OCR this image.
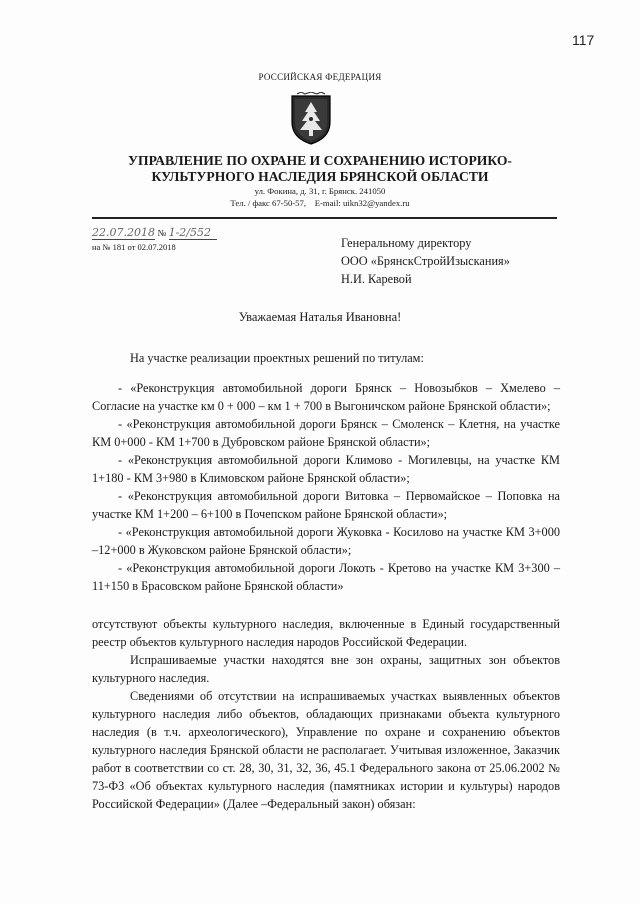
117
РОССИЙСКАЯ ФЕДЕРАЦИЯ
УПРАВЛЕНИЕ ПО ОХРАНЕ И СОХРАНЕНИЮ ИСТОРИКО-
КУЛЬТУРНОГО НАСЛЕДИЯ БРЯНСКОЙ ОБЛАСТИ
ул. Фокина, д. 31, г. Брянск. 241050
Тел. / факс 67-50-57,    E-mail: uikn32@yandex.ru
22.07.2018 № 1-2/552
на № 181 от 02.07.2018	Генеральному директору
ООО «БрянскСтройИзыскания»
Н.И. Каревой
Уважаемая Наталья Ивановна!
На участке реализации проектных решений по титулам:

- «Реконструкция автомобильной дороги Брянск – Новозыбков – Хмелево – Согласие на участке км 0 + 000 – км 1 + 700 в Выгоничском районе Брянской области»;

- «Реконструкция автомобильной дороги Брянск – Смоленск – Клетня, на участке КМ 0+000 - КМ 1+700 в Дубровском районе Брянской области»;

- «Реконструкция автомобильной дороги Климово - Могилевцы, на участке КМ 1+180 - КМ 3+980 в Климовском районе Брянской области»;

- «Реконструкция автомобильной дороги Витовка – Первомайское – Поповка на участке КМ 1+200 – 6+100 в Почепском районе Брянской области»;

- «Реконструкция автомобильной дороги Жуковка - Косилово на участке КМ 3+000 –12+000 в Жуковском районе Брянской области»;

- «Реконструкция автомобильной дороги Локоть - Кретово на участке КМ 3+300 –11+150 в Брасовском районе Брянской области»

отсутствуют объекты культурного наследия, включенные в Единый государственный реестр объектов культурного наследия народов Российской Федерации.

Испрашиваемые участки находятся вне зон охраны, защитных зон объектов культурного наследия.

Сведениями об отсутствии на испрашиваемых участках выявленных объектов культурного наследия либо объектов, обладающих признаками объекта культурного наследия (в т.ч. археологического), Управление по охране и сохранению объектов культурного наследия Брянской области не располагает. Учитывая изложенное, Заказчик работ в соответствии со ст. 28, 30, 31, 32, 36, 45.1 Федерального закона от 25.06.2002 № 73-ФЗ «Об объектах культурного наследия (памятниках истории и культуры) народов Российской Федерации» (Далее –Федеральный закон) обязан:
